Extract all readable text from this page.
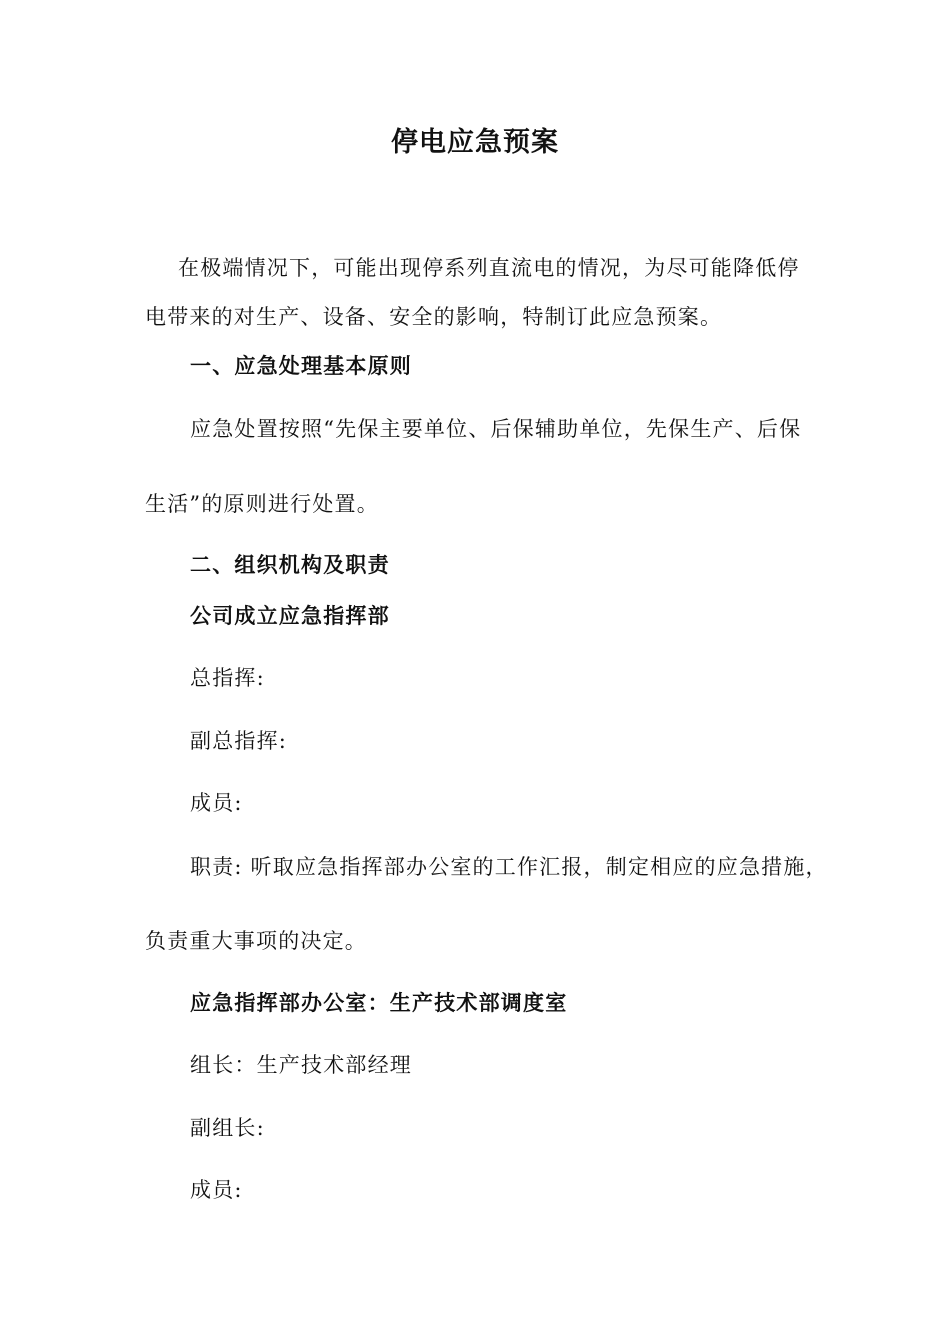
停电应急预案
在极端情况下，可能出现停系列直流电的情况，为尽可能降低停
电带来的对生产、设备、安全的影响，特制订此应急预案。
一、应急处理基本原则
应急处置按照“先保主要单位、后保辅助单位，先保生产、后保
生活”的原则进行处置。
二、组织机构及职责
公司成立应急指挥部
总指挥:
副总指挥:
成员:
职责: 听取应急指挥部办公室的工作汇报，制定相应的应急措施，
负责重大事项的决定。
应急指挥部办公室：生产技术部调度室
组长：生产技术部经理
副组长:
成员:
